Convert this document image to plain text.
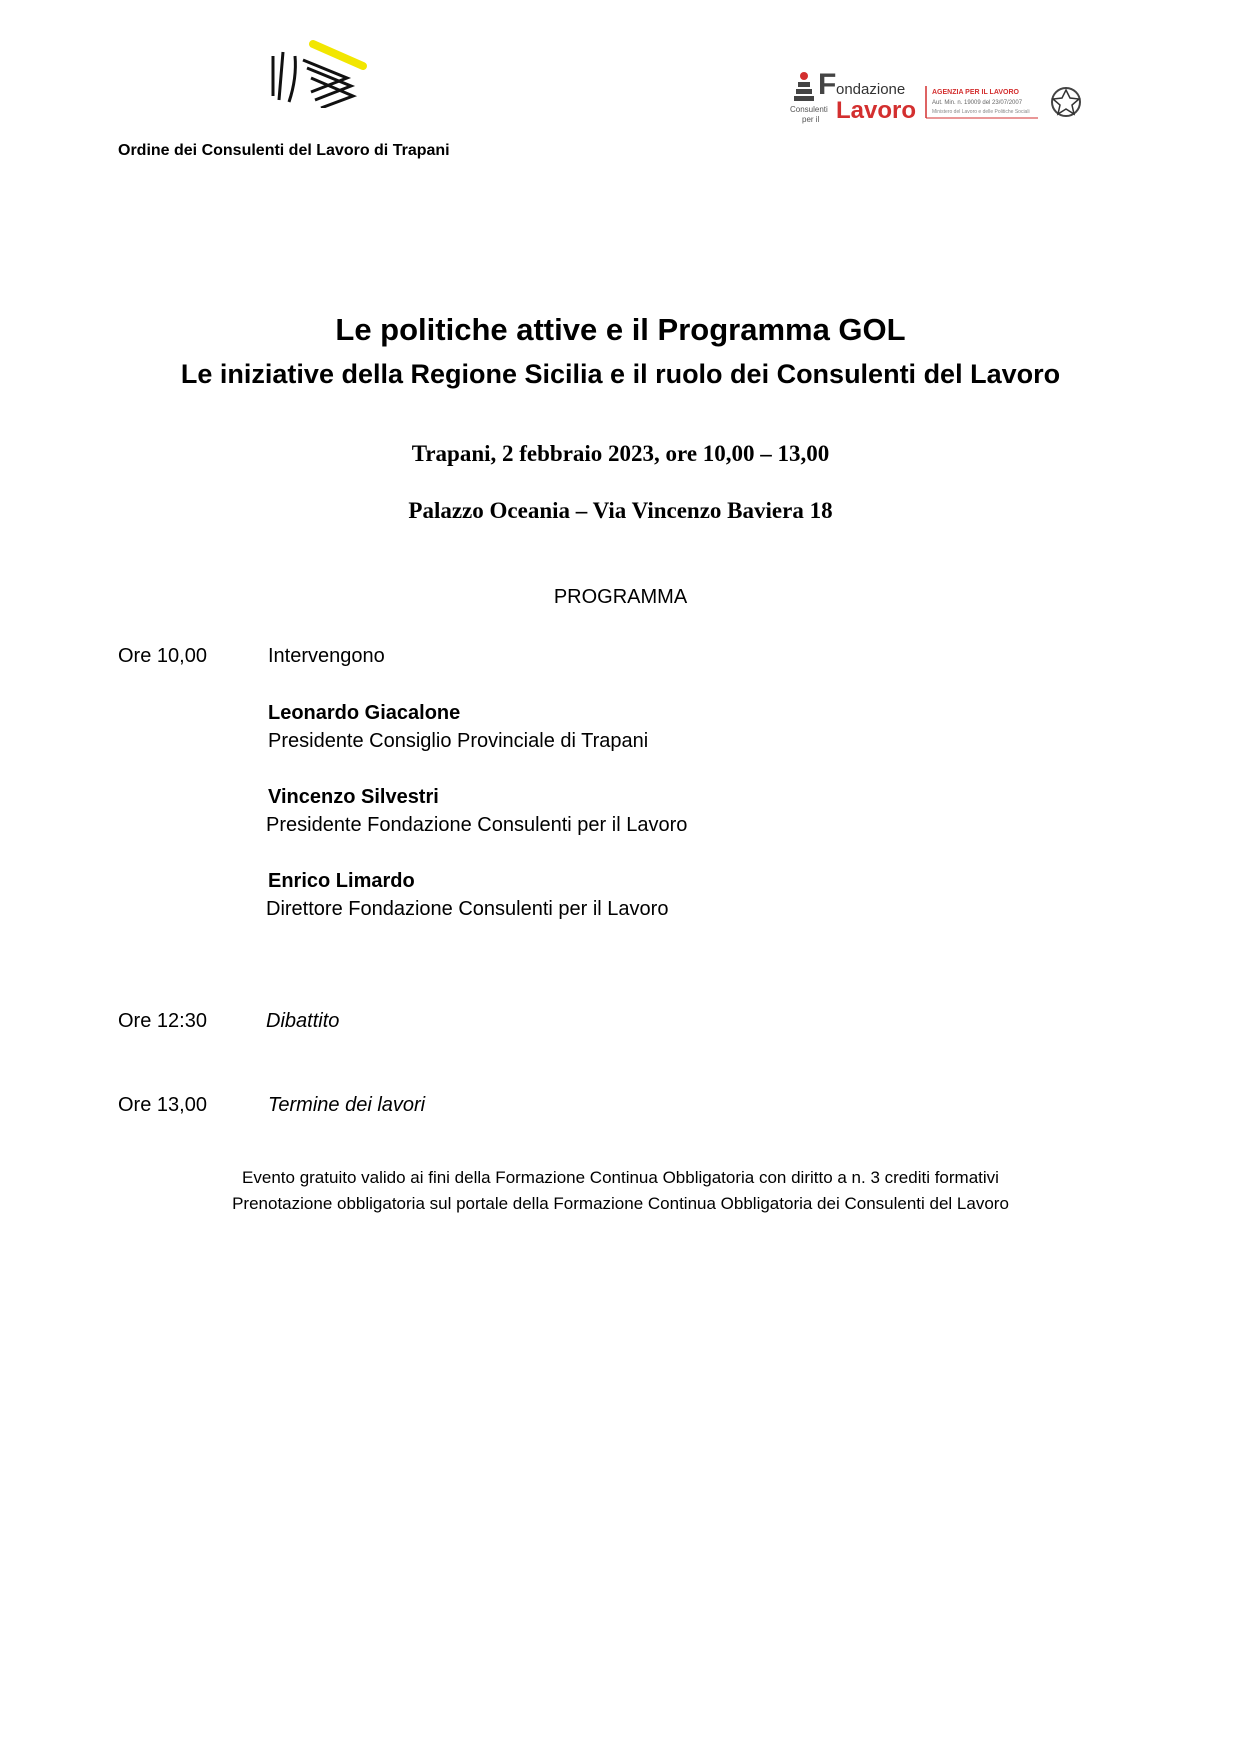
Ordine dei Consulenti del Lavoro di Trapani
Consulenti
per il
F ondazione
Lavoro
AGENZIA PER IL LAVORO
Aut. Min. n. 19009 del 23/07/2007
Ministero del Lavoro e delle Politiche Sociali
Le politiche attive e il Programma GOL
Le iniziative della Regione Sicilia e il ruolo dei Consulenti del Lavoro
Trapani, 2 febbraio 2023, ore 10,00 – 13,00
Palazzo Oceania – Via Vincenzo Baviera 18
PROGRAMMA
Ore 10,00	Intervengono
Leonardo Giacalone
Presidente Consiglio Provinciale di Trapani
Vincenzo Silvestri
Presidente Fondazione Consulenti per il Lavoro
Enrico Limardo
Direttore Fondazione Consulenti per il Lavoro
Ore 12:30	Dibattito
Ore 13,00	Termine dei lavori
Evento gratuito valido ai fini della Formazione Continua Obbligatoria con diritto a n. 3 crediti formativi
Prenotazione obbligatoria sul portale della Formazione Continua Obbligatoria dei Consulenti del Lavoro
